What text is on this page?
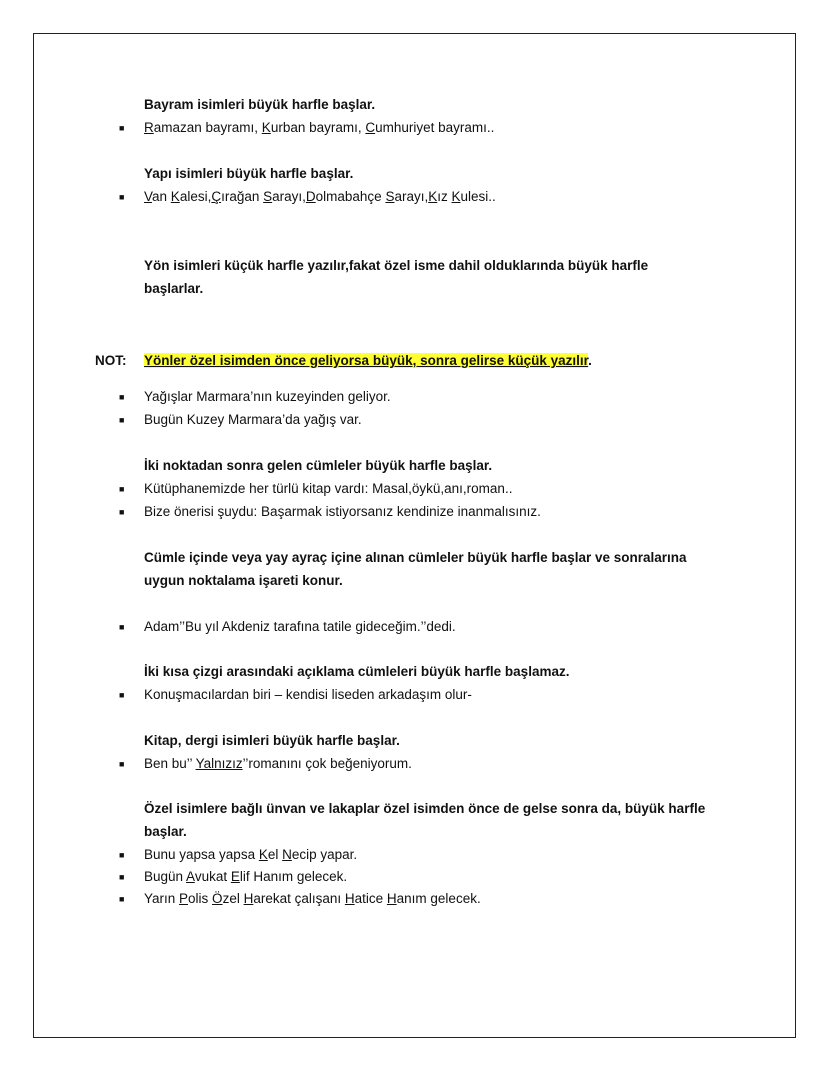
Bayram isimleri büyük harfle başlar.
■ Ramazan bayramı, Kurban bayramı, Cumhuriyet bayramı..
Yapı isimleri büyük harfle başlar.
■ Van Kalesi,Çırağan Sarayı,Dolmabahçe Sarayı,Kız Kulesi..
Yön isimleri küçük harfle yazılır,fakat özel isme dahil olduklarında büyük harfle
başlarlar.
NOT: Yönler özel isimden önce geliyorsa büyük, sonra gelirse küçük yazılır.
■ Yağışlar Marmara’nın kuzeyinden geliyor.
■ Bugün Kuzey Marmara’da yağış var.
İki noktadan sonra gelen cümleler büyük harfle başlar.
■ Kütüphanemizde her türlü kitap vardı: Masal,öykü,anı,roman..
■ Bize önerisi şuydu: Başarmak istiyorsanız kendinize inanmalısınız.
Cümle içinde veya yay ayraç içine alınan cümleler büyük harfle başlar ve sonralarına
uygun noktalama işareti konur.
■ Adam’’Bu yıl Akdeniz tarafına tatile gideceğim.’’dedi.
İki kısa çizgi arasındaki açıklama cümleleri büyük harfle başlamaz.
■ Konuşmacılardan biri – kendisi liseden arkadaşım olur-
Kitap, dergi isimleri büyük harfle başlar.
■ Ben bu’’ Yalnızız’’romanını çok beğeniyorum.
Özel isimlere bağlı ünvan ve lakaplar özel isimden önce de gelse sonra da, büyük harfle
başlar.
■ Bunu yapsa yapsa Kel Necip yapar.
■ Bugün Avukat Elif Hanım gelecek.
■ Yarın Polis Özel Harekat çalışanı Hatice Hanım gelecek.
